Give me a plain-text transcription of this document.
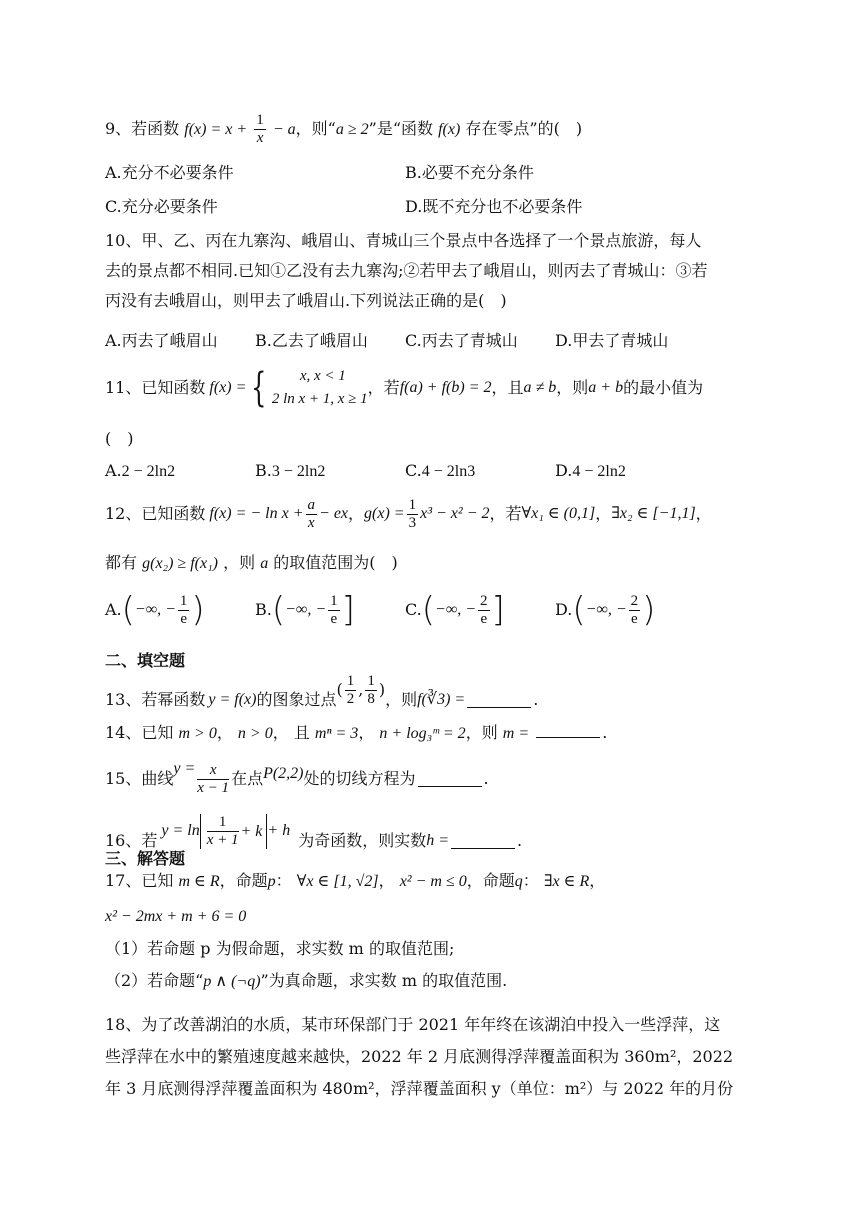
9、若函数 $f(x) = x + \frac{1}{x} - a$，则“a ≥ 2”是“函数 f(x) 存在零点”的(　)
A.充分不必要条件	B.必要不充分条件
C.充分必要条件	D.既不充分也不必要条件
10、甲、乙、丙在九寨沟、峨眉山、青城山三个景点中各选择了一个景点旅游，每人
去的景点都不相同.已知①乙没有去九寨沟;②若甲去了峨眉山，则丙去了青城山：③若
丙没有去峨眉山，则甲去了峨眉山.下列说法正确的是(　)
A.丙去了峨眉山 B.乙去了峨眉山 C.丙去了青城山 D.甲去了青城山
11、已知函数 f(x) = {	x, x < 1
2 ln x + 1, x ≥ 1
，若 f(a) + f(b) = 2 ，且 a ≠ b ，则 a + b 的最小值为
(　)
A.2 − 2ln2	B.3 − 2ln2	C.4 − 2ln3	D.4 − 2ln2
12、已知函数 f(x) = − $\ln x + \frac{a}{x}$ − ex ， $g(x) = \frac{1}{3} x^3 - x^2 - 2$ ，若 ∀x₁ ∈ (0,1] ， ∃x₂ ∈ [−1,1] ，
都有 g(x₂) ≥ f(x₁) ，则 a 的取值范围为(　)
A. ( −∞, − $\frac{1}{e}$ )	B. ( −∞, − $\frac{1}{e}$ ]	C. ( −∞, − $\frac{2}{e}$ ]	D. ( −∞, − $\frac{2}{e}$ )
二、填空题
13、若幂函数 y = f(x) 的图象过点
( $\frac{1}{2}$ , $\frac{1}{8}$ )
，则 f(∛3) =	.
14、已知 m > 0， n > 0， 且 mⁿ = 3， n + log₃ᵐ = 2，则 m =	.
15、曲线
$y = \frac{x}{x - 1}$ 在点 P(2,2) 处的切线方程为	.
16、若
$y = \ln \frac{1}{x + 1} + k + h$
为奇函数，则实数 h =	.
三、解答题
17、已知 m ∈ R，命题p： ∀x ∈ [1, √2]， x² − m ≤ 0，命题q： ∃x ∈ R，
x² − 2mx + m + 6 = 0
（1）若命题 p 为假命题，求实数 m 的取值范围;
（2）若命题“p ∧ (¬q)”为真命题，求实数 m 的取值范围.
18、为了改善湖泊的水质，某市环保部门于 2021 年年终在该湖泊中投入一些浮萍，这
些浮萍在水中的繁殖速度越来越快，2022 年 2 月底测得浮萍覆盖面积为 360m²，2022
年 3 月底测得浮萍覆盖面积为 480m²，浮萍覆盖面积 y（单位：m²）与 2022 年的月份
